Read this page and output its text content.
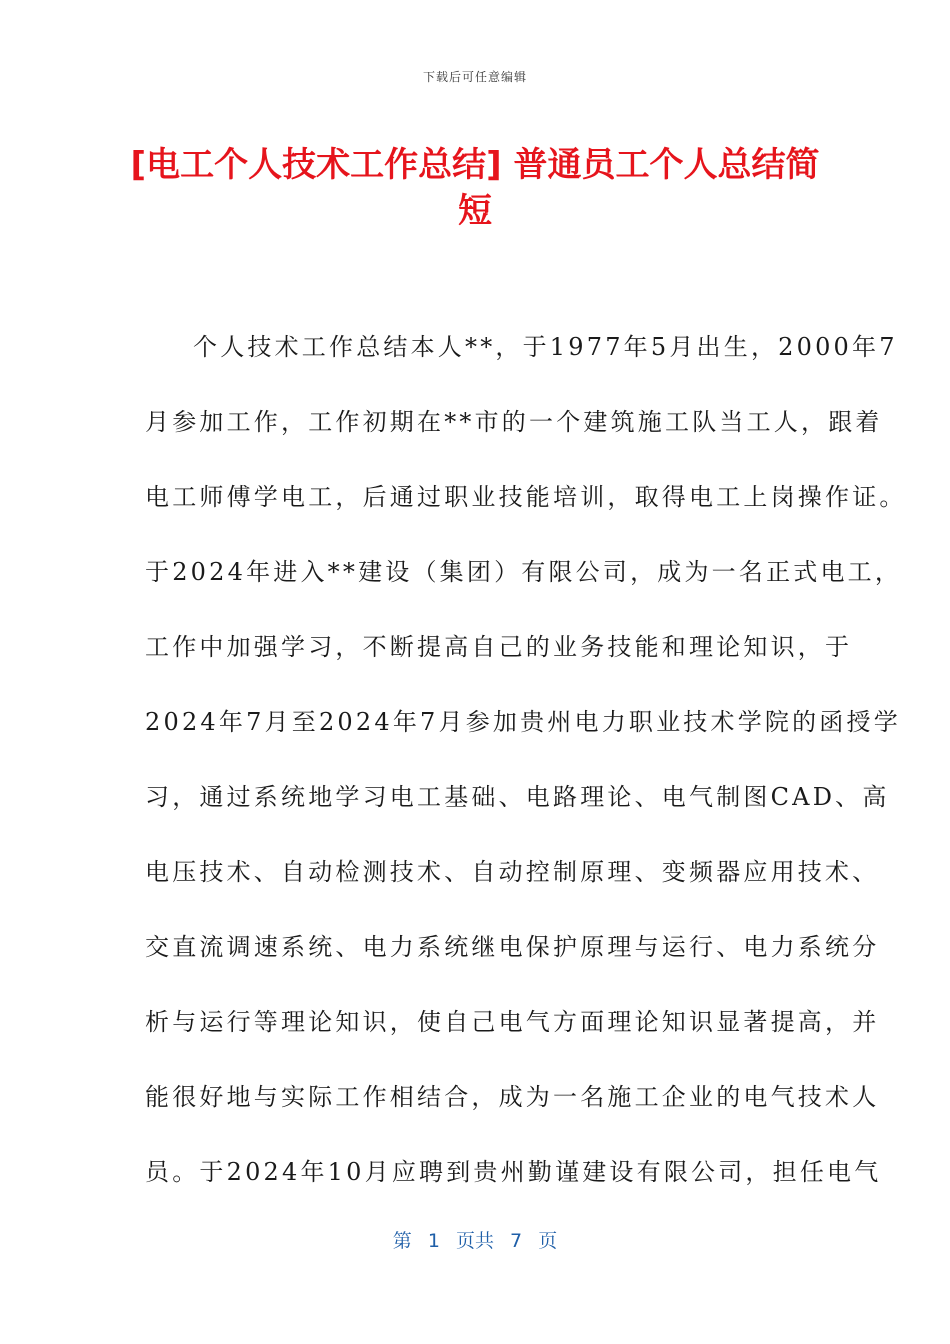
下载后可任意编辑
[电工个人技术工作总结] 普通员工个人总结简短
个人技术工作总结本人**，于1977年5月出生，2000年7
月参加工作，工作初期在**市的一个建筑施工队当工人，跟着
电工师傅学电工，后通过职业技能培训，取得电工上岗操作证。
于2024年进入**建设（集团）有限公司，成为一名正式电工，
工作中加强学习，不断提高自己的业务技能和理论知识，于
2024年7月至2024年7月参加贵州电力职业技术学院的函授学
习，通过系统地学习电工基础、电路理论、电气制图CAD、高
电压技术、自动检测技术、自动控制原理、变频器应用技术、
交直流调速系统、电力系统继电保护原理与运行、电力系统分
析与运行等理论知识，使自己电气方面理论知识显著提高，并
能很好地与实际工作相结合，成为一名施工企业的电气技术人
员。于2024年10月应聘到贵州勤谨建设有限公司，担任电气
第 1 页共 7 页
